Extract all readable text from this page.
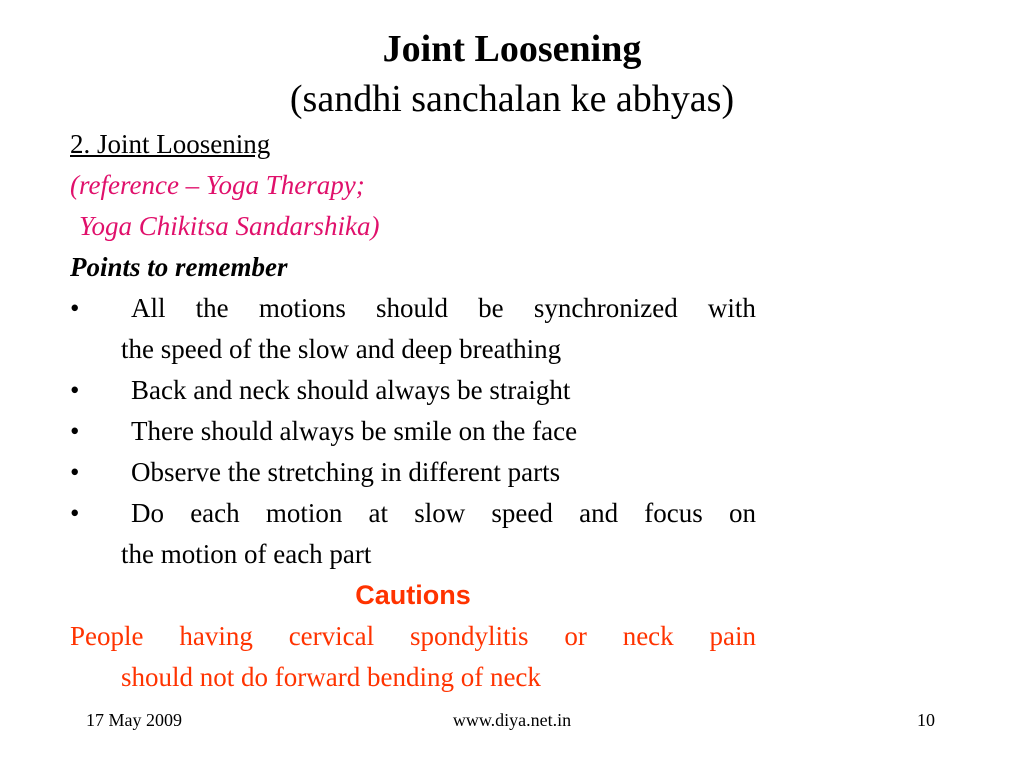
Joint Loosening
(sandhi sanchalan ke abhyas)
2. Joint Loosening
(reference – Yoga Therapy;
Yoga Chikitsa Sandarshika)
Points to remember
•	All the motions should be synchronized with
the speed of the slow and deep breathing
•	Back and neck should always be straight
•	There should always be smile on the face
•	Observe the stretching in different parts
•	Do each motion at slow speed and focus on
the motion of each part
Cautions
People having cervical spondylitis or neck pain
should not do forward bending of neck
17 May 2009	www.diya.net.in	10
